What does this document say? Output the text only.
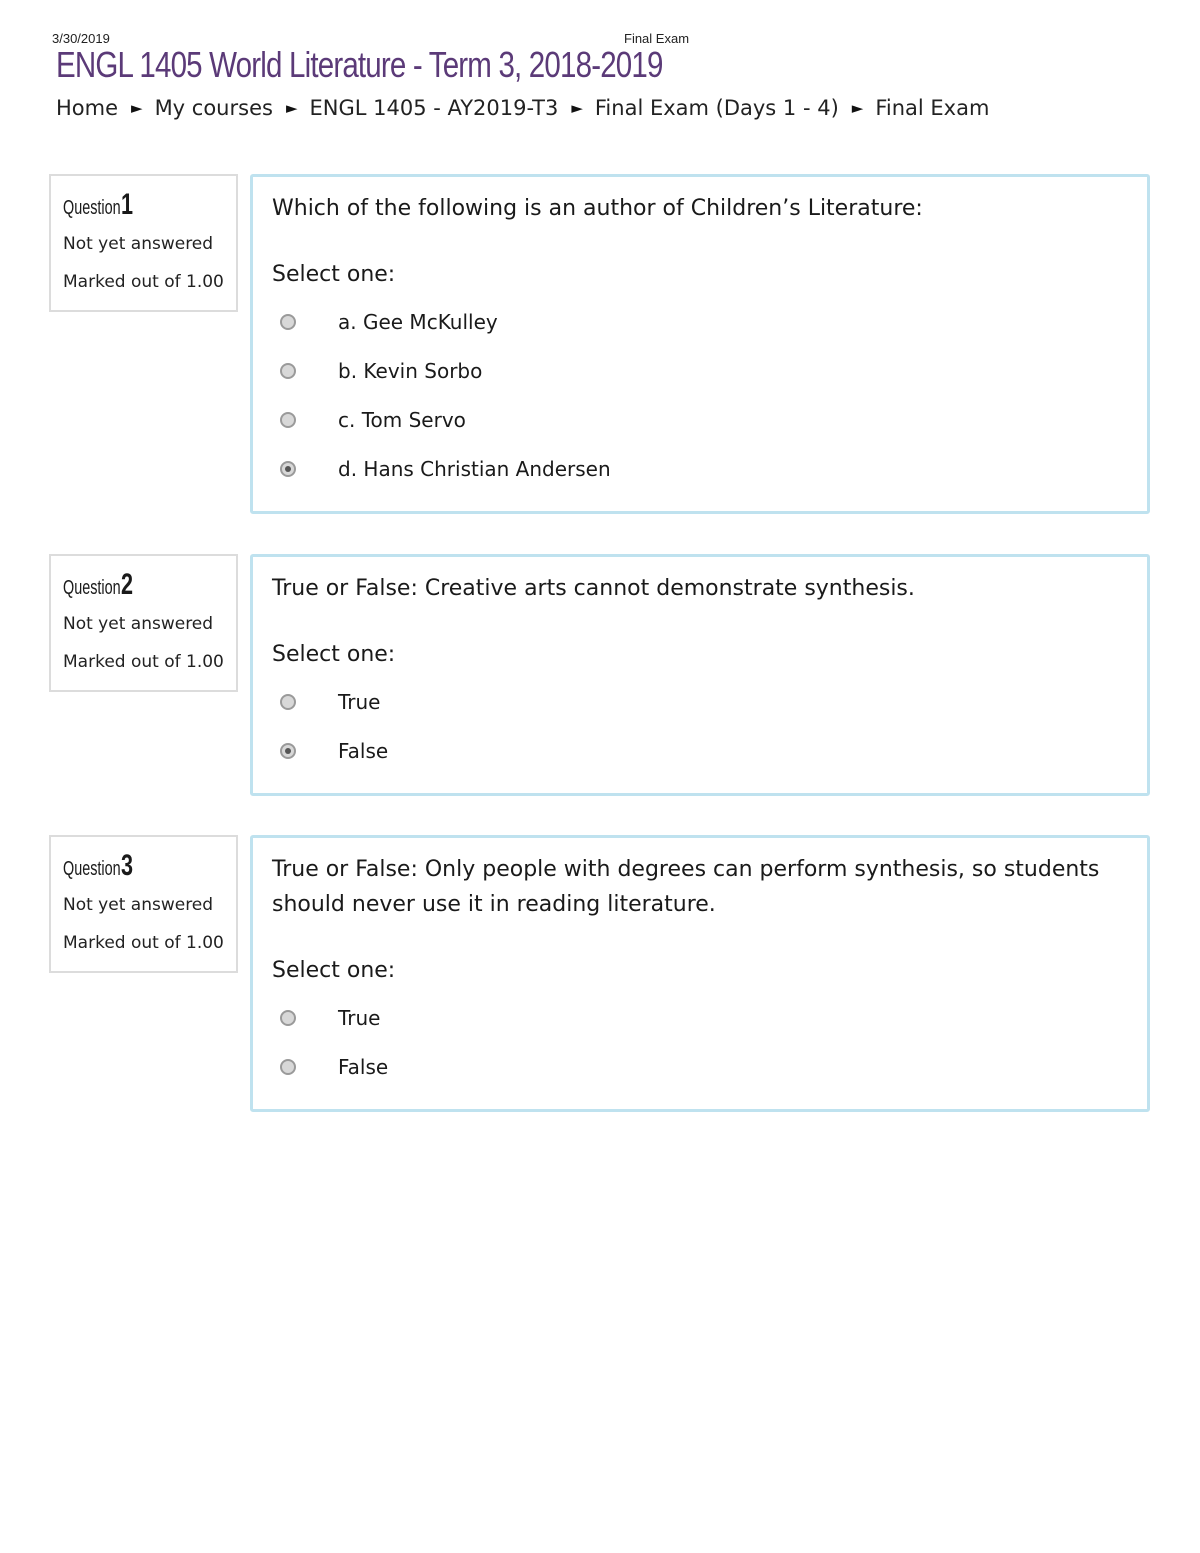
3/30/2019	Final Exam
ENGL 1405 World Literature - Term 3, 2018-2019
Home ► My courses ► ENGL 1405 - AY2019-T3 ► Final Exam (Days 1 - 4) ► Final Exam
Question 1
Not yet answered
Marked out of 1.00

Which of the following is an author of Children’s Literature:

Select one:
a. Gee McKulley
b. Kevin Sorbo
c. Tom Servo
d. Hans Christian Andersen
Question 2
Not yet answered
Marked out of 1.00

True or False: Creative arts cannot demonstrate synthesis.

Select one:
True
False
Question 3
Not yet answered
Marked out of 1.00

True or False: Only people with degrees can perform synthesis, so students should never use it in reading literature.

Select one:
True
False
